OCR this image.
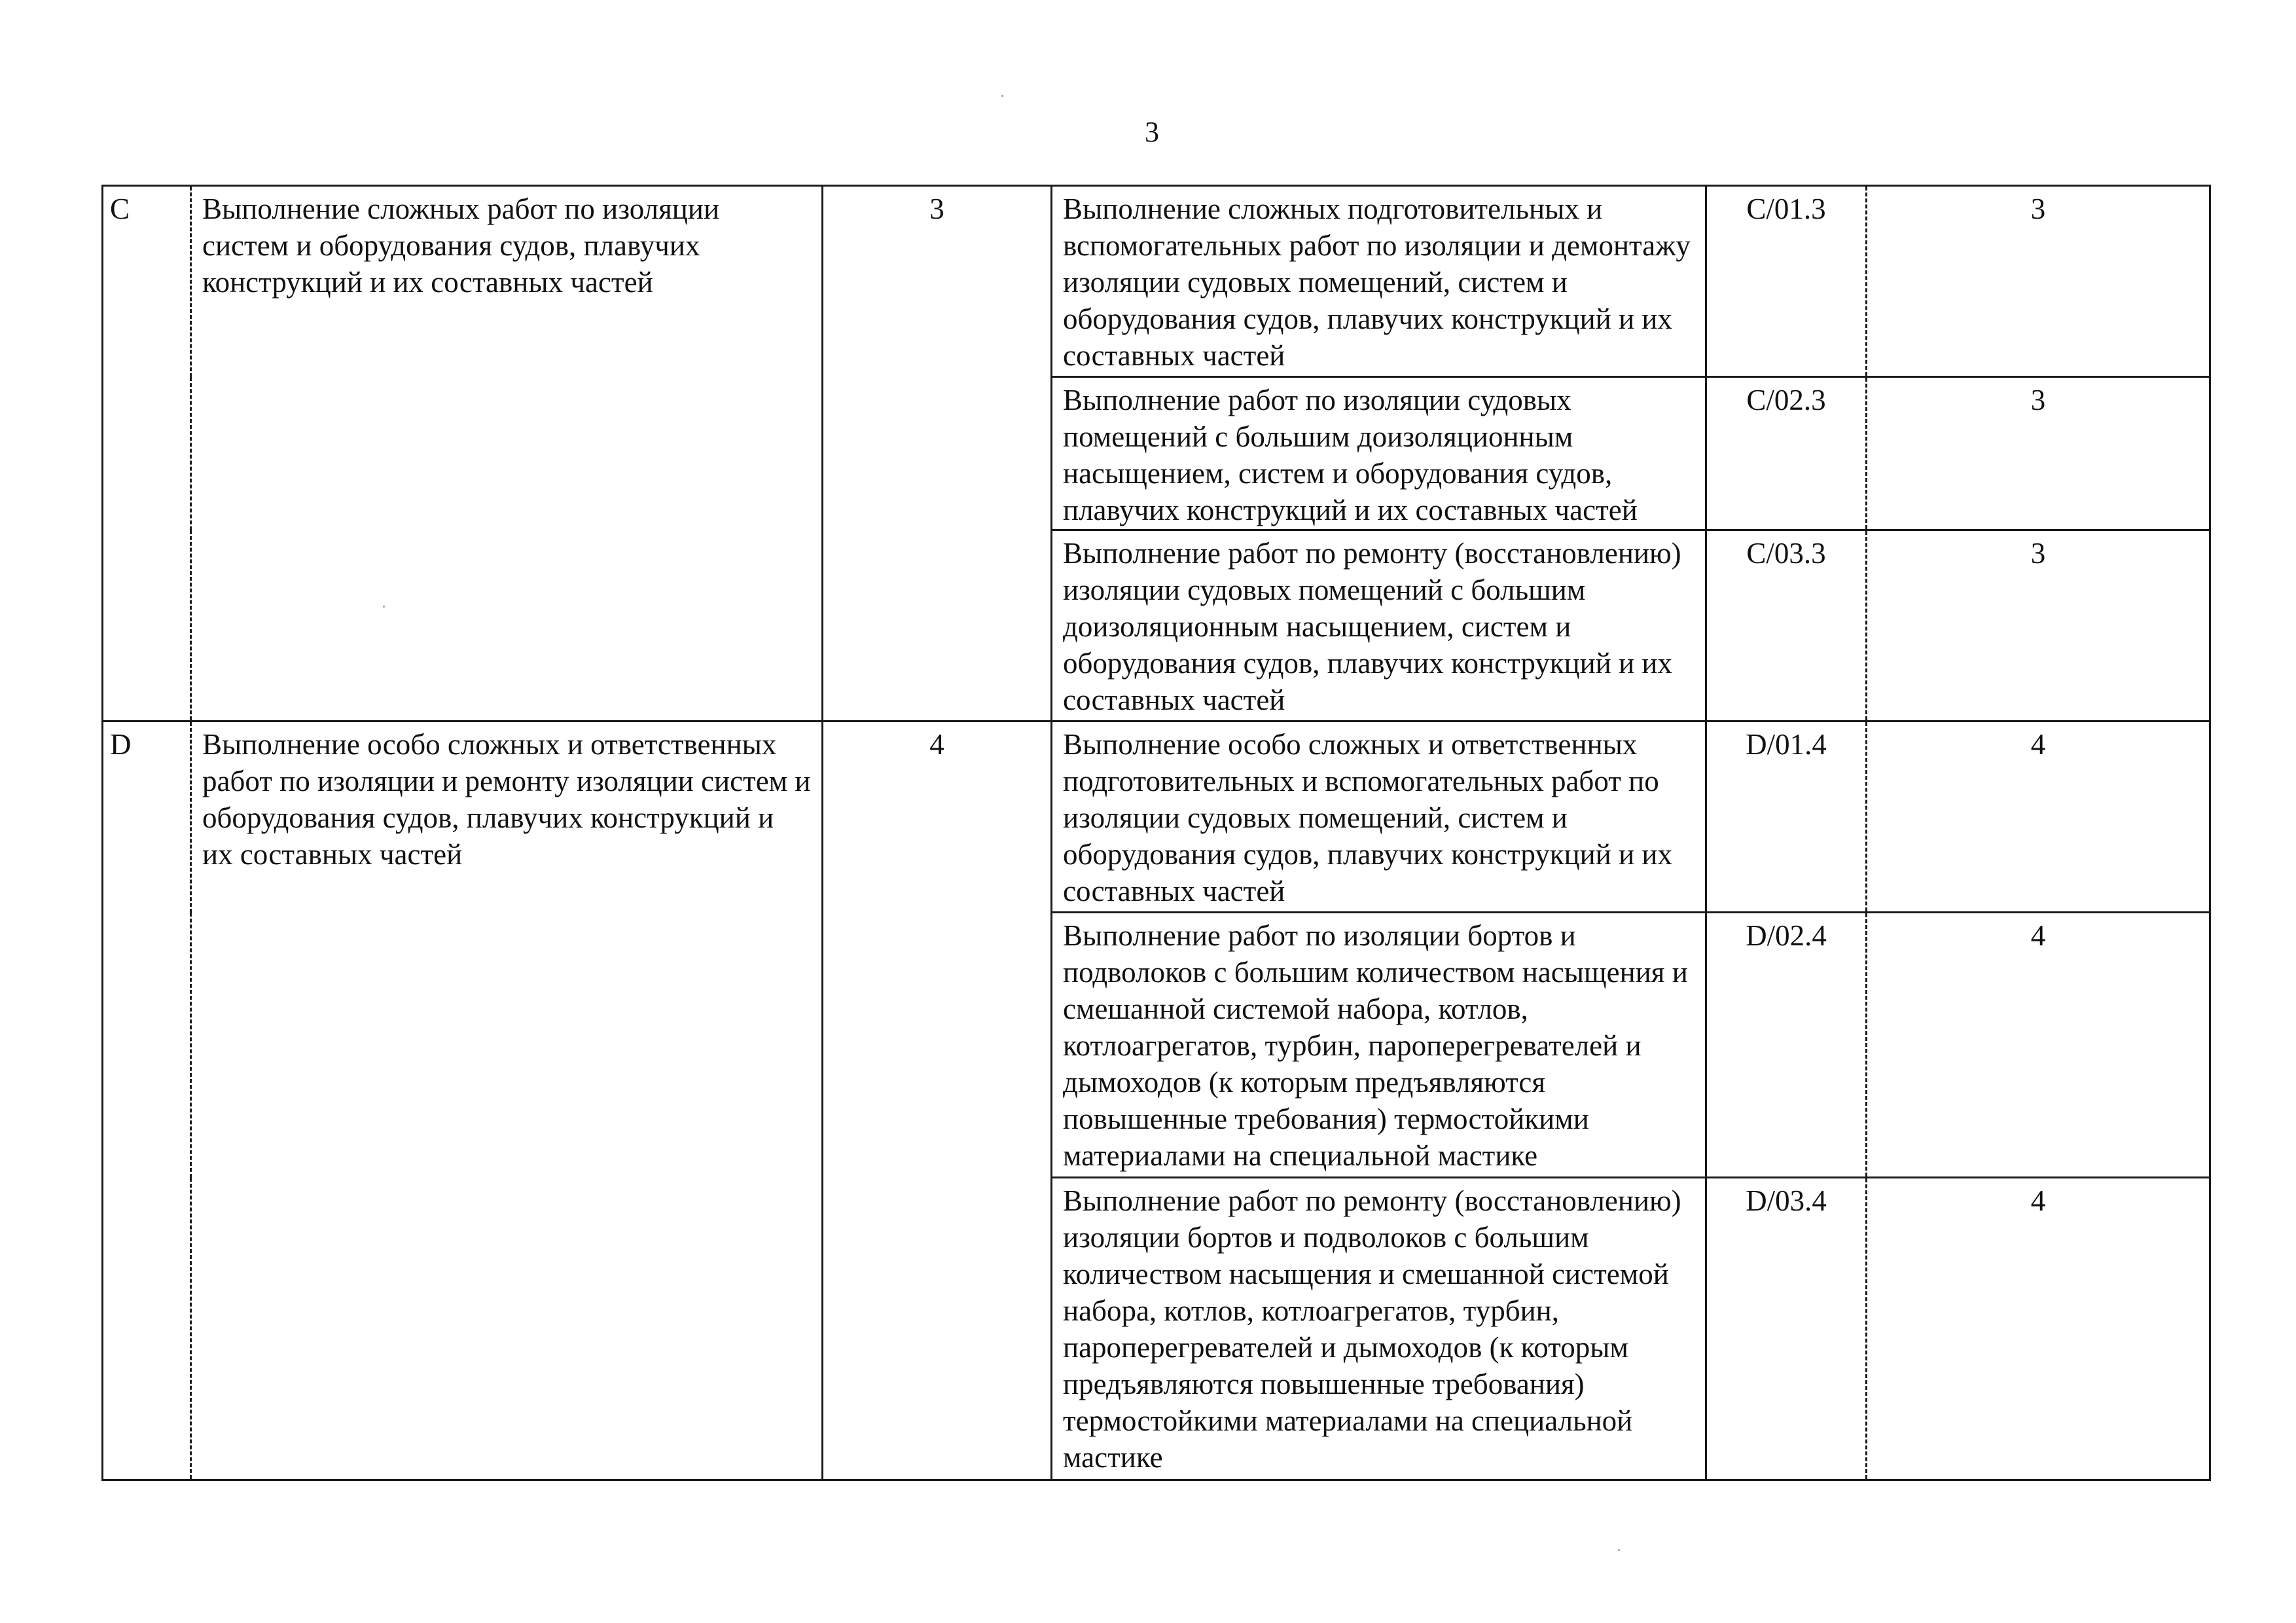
3
C	Выполнение сложных работ по изоляции систем и оборудования судов, плавучих конструкций и их составных частей	3	Выполнение сложных подготовительных и вспомогательных работ по изоляции и демонтажу изоляции судовых помещений, систем и оборудования судов, плавучих конструкций и их составных частей	C/01.3	3

			Выполнение работ по изоляции судовых помещений с большим доизоляционным насыщением, систем и оборудования судов, плавучих конструкций и их составных частей	C/02.3	3

			Выполнение работ по ремонту (восстановлению) изоляции судовых помещений с большим доизоляционным насыщением, систем и оборудования судов, плавучих конструкций и их составных частей	C/03.3	3

D	Выполнение особо сложных и ответственных работ по изоляции и ремонту изоляции систем и оборудования судов, плавучих конструкций и их составных частей	4	Выполнение особо сложных и ответственных подготовительных и вспомогательных работ по изоляции судовых помещений, систем и оборудования судов, плавучих конструкций и их составных частей	D/01.4	4

			Выполнение работ по изоляции бортов и подволоков с большим количеством насыщения и смешанной системой набора, котлов, котлоагрегатов, турбин, пароперегревателей и дымоходов (к которым предъявляются повышенные требования) термостойкими материалами на специальной мастике	D/02.4	4

			Выполнение работ по ремонту (восстановлению) изоляции бортов и подволоков с большим количеством насыщения и смешанной системой набора, котлов, котлоагрегатов, турбин, пароперегревателей и дымоходов (к которым предъявляются повышенные требования) термостойкими материалами на специальной мастике	D/03.4	4
